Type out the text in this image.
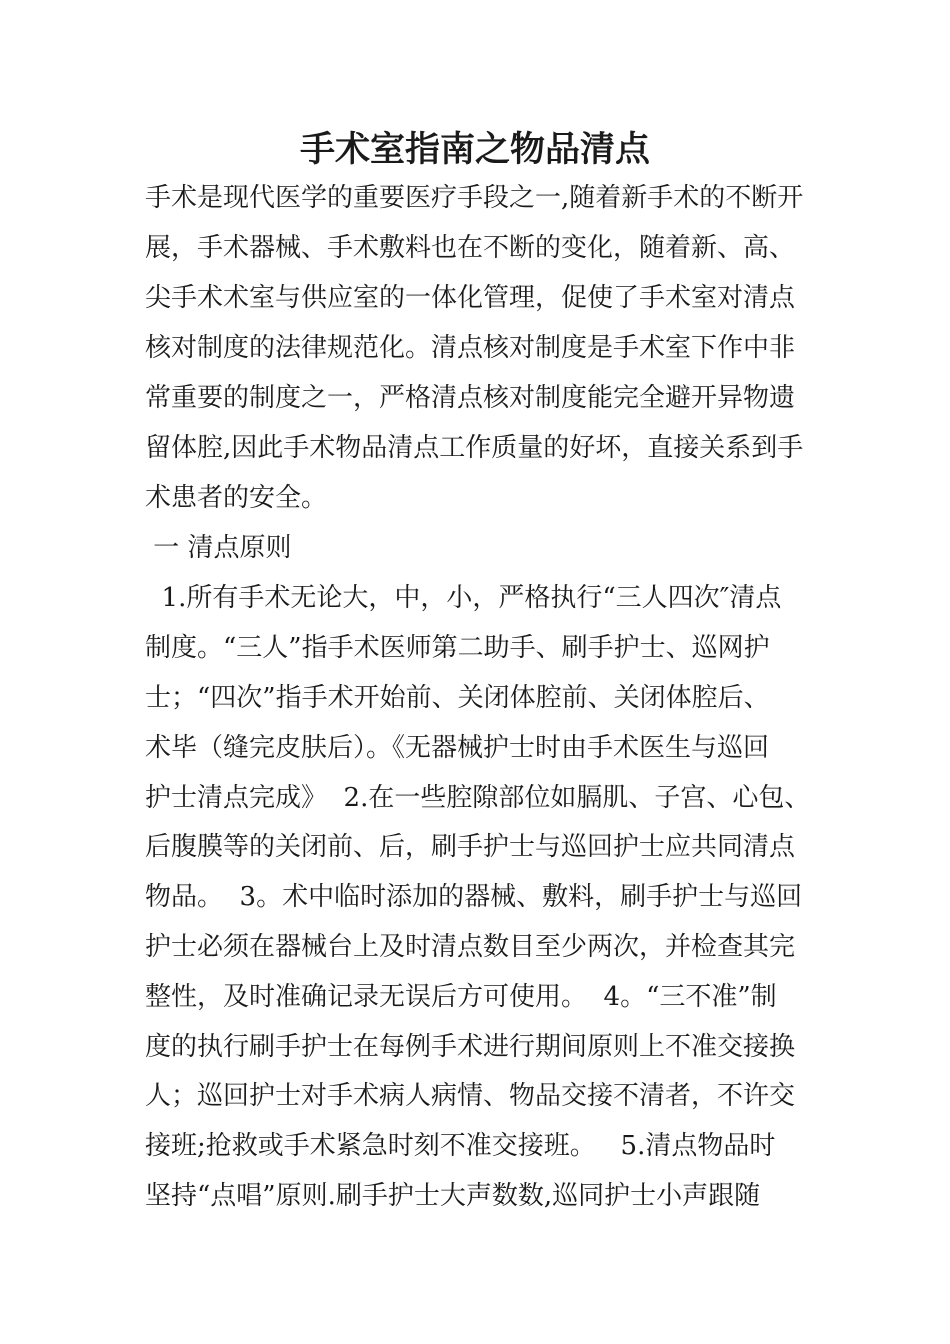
手术室指南之物品清点
手术是现代医学的重要医疗手段之一,随着新手术的不断开
展，手术器械、手术敷料也在不断的变化，随着新、高、
尖手术术室与供应室的一体化管理，促使了手术室对清点
核对制度的法律规范化。清点核对制度是手术室下作中非
常重要的制度之一，严格清点核对制度能完全避开异物遗
留体腔,因此手术物品清点工作质量的好坏，直接关系到手
术患者的安全。
一 清点原则
1.所有手术无论大，中，小，严格执行“三人四次″清点
制度。“三人”指手术医师第二助手、刷手护士、巡网护
士；“四次”指手术开始前、关闭体腔前、关闭体腔后、
术毕（缝完皮肤后）。《无器械护士时由手术医生与巡回
护士清点完成》  2.在一些腔隙部位如膈肌、子宫、心包、
后腹膜等的关闭前、后，刷手护士与巡回护士应共同清点
物品。  3。术中临时添加的器械、敷料，刷手护士与巡回
护士必须在器械台上及时清点数目至少两次，并检查其完
整性，及时准确记录无误后方可使用。  4。“三不准”制
度的执行刷手护士在每例手术进行期间原则上不准交接换
人；巡回护士对手术病人病情、物品交接不清者，不许交
接班;抢救或手术紧急时刻不准交接班。   5.清点物品时
坚持“点唱”原则.刷手护士大声数数,巡同护士小声跟随
